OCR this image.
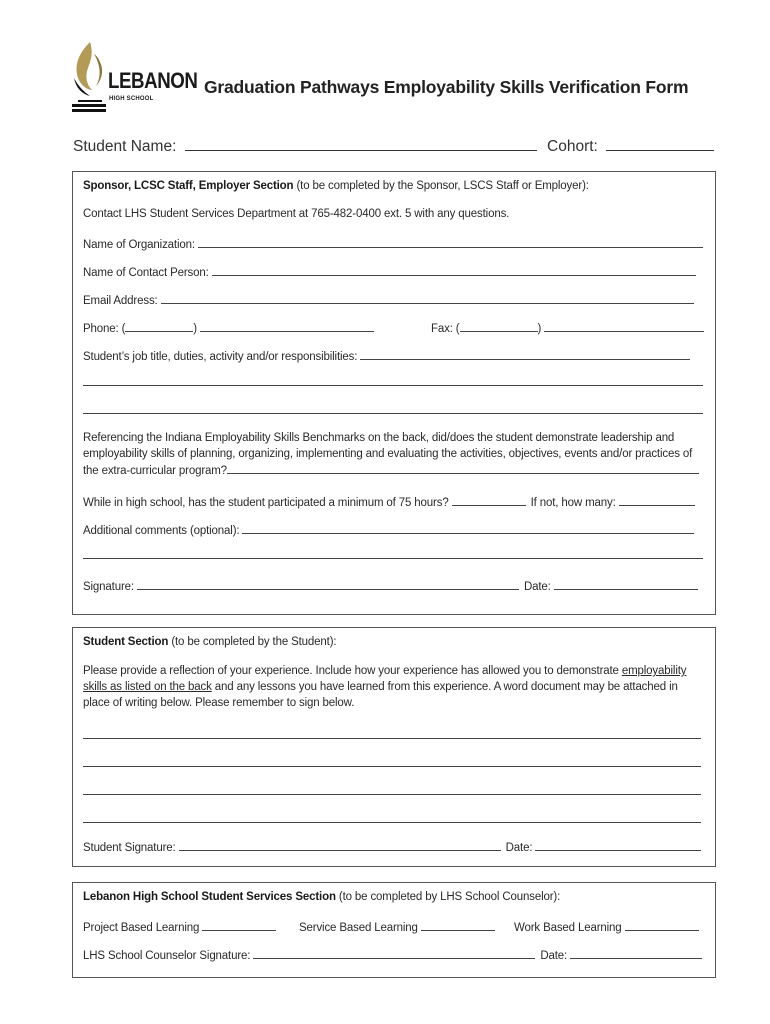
LEBANON
HIGH SCHOOL
Graduation Pathways Employability Skills Verification Form
Student Name:	Cohort:
Sponsor, LCSC Staff, Employer Section (to be completed by the Sponsor, LSCS Staff or Employer):
Contact LHS Student Services Department at 765-482-0400 ext. 5 with any questions.
Name of Organization:
Name of Contact Person:
Email Address:
Phone: (	)	Fax: (	)
Student’s job title, duties, activity and/or responsibilities:
Referencing the Indiana Employability Skills Benchmarks on the back, did/does the student demonstrate leadership and
employability skills of planning, organizing, implementing and evaluating the activities, objectives, events and/or practices of
the extra-curricular program?
While in high school, has the student participated a minimum of 75 hours?	If not, how many:
Additional comments (optional):
Signature:	Date:
Student Section (to be completed by the Student):
Please provide a reflection of your experience. Include how your experience has allowed you to demonstrate employability
skills as listed on the back and any lessons you have learned from this experience. A word document may be attached in
place of writing below. Please remember to sign below.
Student Signature:	Date:
Lebanon High School Student Services Section (to be completed by LHS School Counselor):
Project Based Learning	Service Based Learning	Work Based Learning
LHS School Counselor Signature:	Date:
